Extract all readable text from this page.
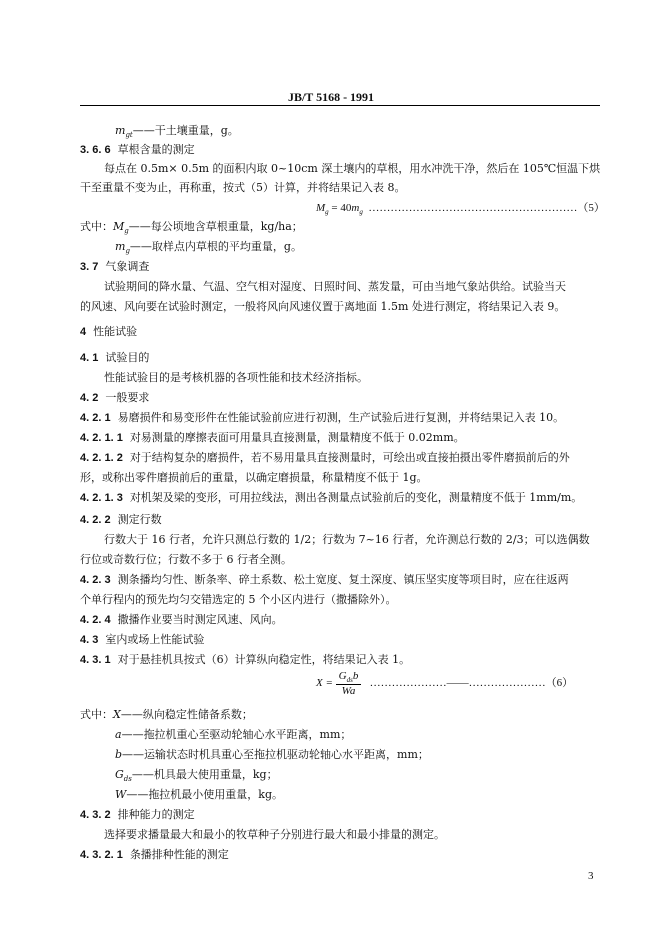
JB/T 5168 - 1991
$m_{gt}——$干土壤重量，g。
3. 6. 6 草根含量的测定
每点在 0.5m× 0.5m 的面积内取 0~10cm 深土壤内的草根，用水冲洗干净，然后在 105℃恒温下烘
干至重量不变为止，再称重，按式（5）计算，并将结果记入表 8。
$M_g = 40m_g$ …………………………………………………（5）
式中：$M_g——$每公顷地含草根重量，kg/ha；
$m_g——$取样点内草根的平均重量，g。
3. 7 气象调查
试验期间的降水量、气温、空气相对湿度、日照时间、蒸发量，可由当地气象站供给。试验当天
的风速、风向要在试验时测定，一般将风向风速仪置于离地面 1.5m 处进行测定，将结果记入表 9。
4 性能试验
4. 1 试验目的
性能试验目的是考核机器的各项性能和技术经济指标。
4. 2 一般要求
4. 2. 1 易磨损件和易变形件在性能试验前应进行初测，生产试验后进行复测，并将结果记入表 10。
4. 2. 1. 1 对易测量的摩擦表面可用量具直接测量，测量精度不低于 0.02mm。
4. 2. 1. 2 对于结构复杂的磨损件，若不易用量具直接测量时，可绘出或直接拍摄出零件磨损前后的外
形，或称出零件磨损前后的重量，以确定磨损量，称量精度不低于 1g。
4. 2. 1. 3 对机架及梁的变形，可用拉线法，测出各测量点试验前后的变化，测量精度不低于 1mm/m。
4. 2. 2 测定行数
行数大于 16 行者，允许只测总行数的 1/2；行数为 7~16 行者，允许测总行数的 2/3；可以选偶数
行位或奇数行位；行数不多于 6 行者全测。
4. 2. 3 测条播均匀性、断条率、碎土系数、松土宽度、复土深度、镇压坚实度等项目时，应在往返两
个单行程内的预先均匀交错选定的 5 个小区内进行（撒播除外）。
4. 2. 4 撒播作业要当时测定风速、风向。
4. 3 室内或场上性能试验
4. 3. 1 对于悬挂机具按式（6）计算纵向稳定性，将结果记入表 1。
$X = \frac{G_{ds}b}{Wa}$ …………………——…………………（6）
式中：X——纵向稳定性储备系数；
a——拖拉机重心至驱动轮轴心水平距离，mm；
b——运输状态时机具重心至拖拉机驱动轮轴心水平距离，mm；
$G_{ds}——$机具最大使用重量，kg；
W——拖拉机最小使用重量，kg。
4. 3. 2 排种能力的测定
选择要求播量最大和最小的牧草种子分别进行最大和最小排量的测定。
4. 3. 2. 1 条播排种性能的测定
3
